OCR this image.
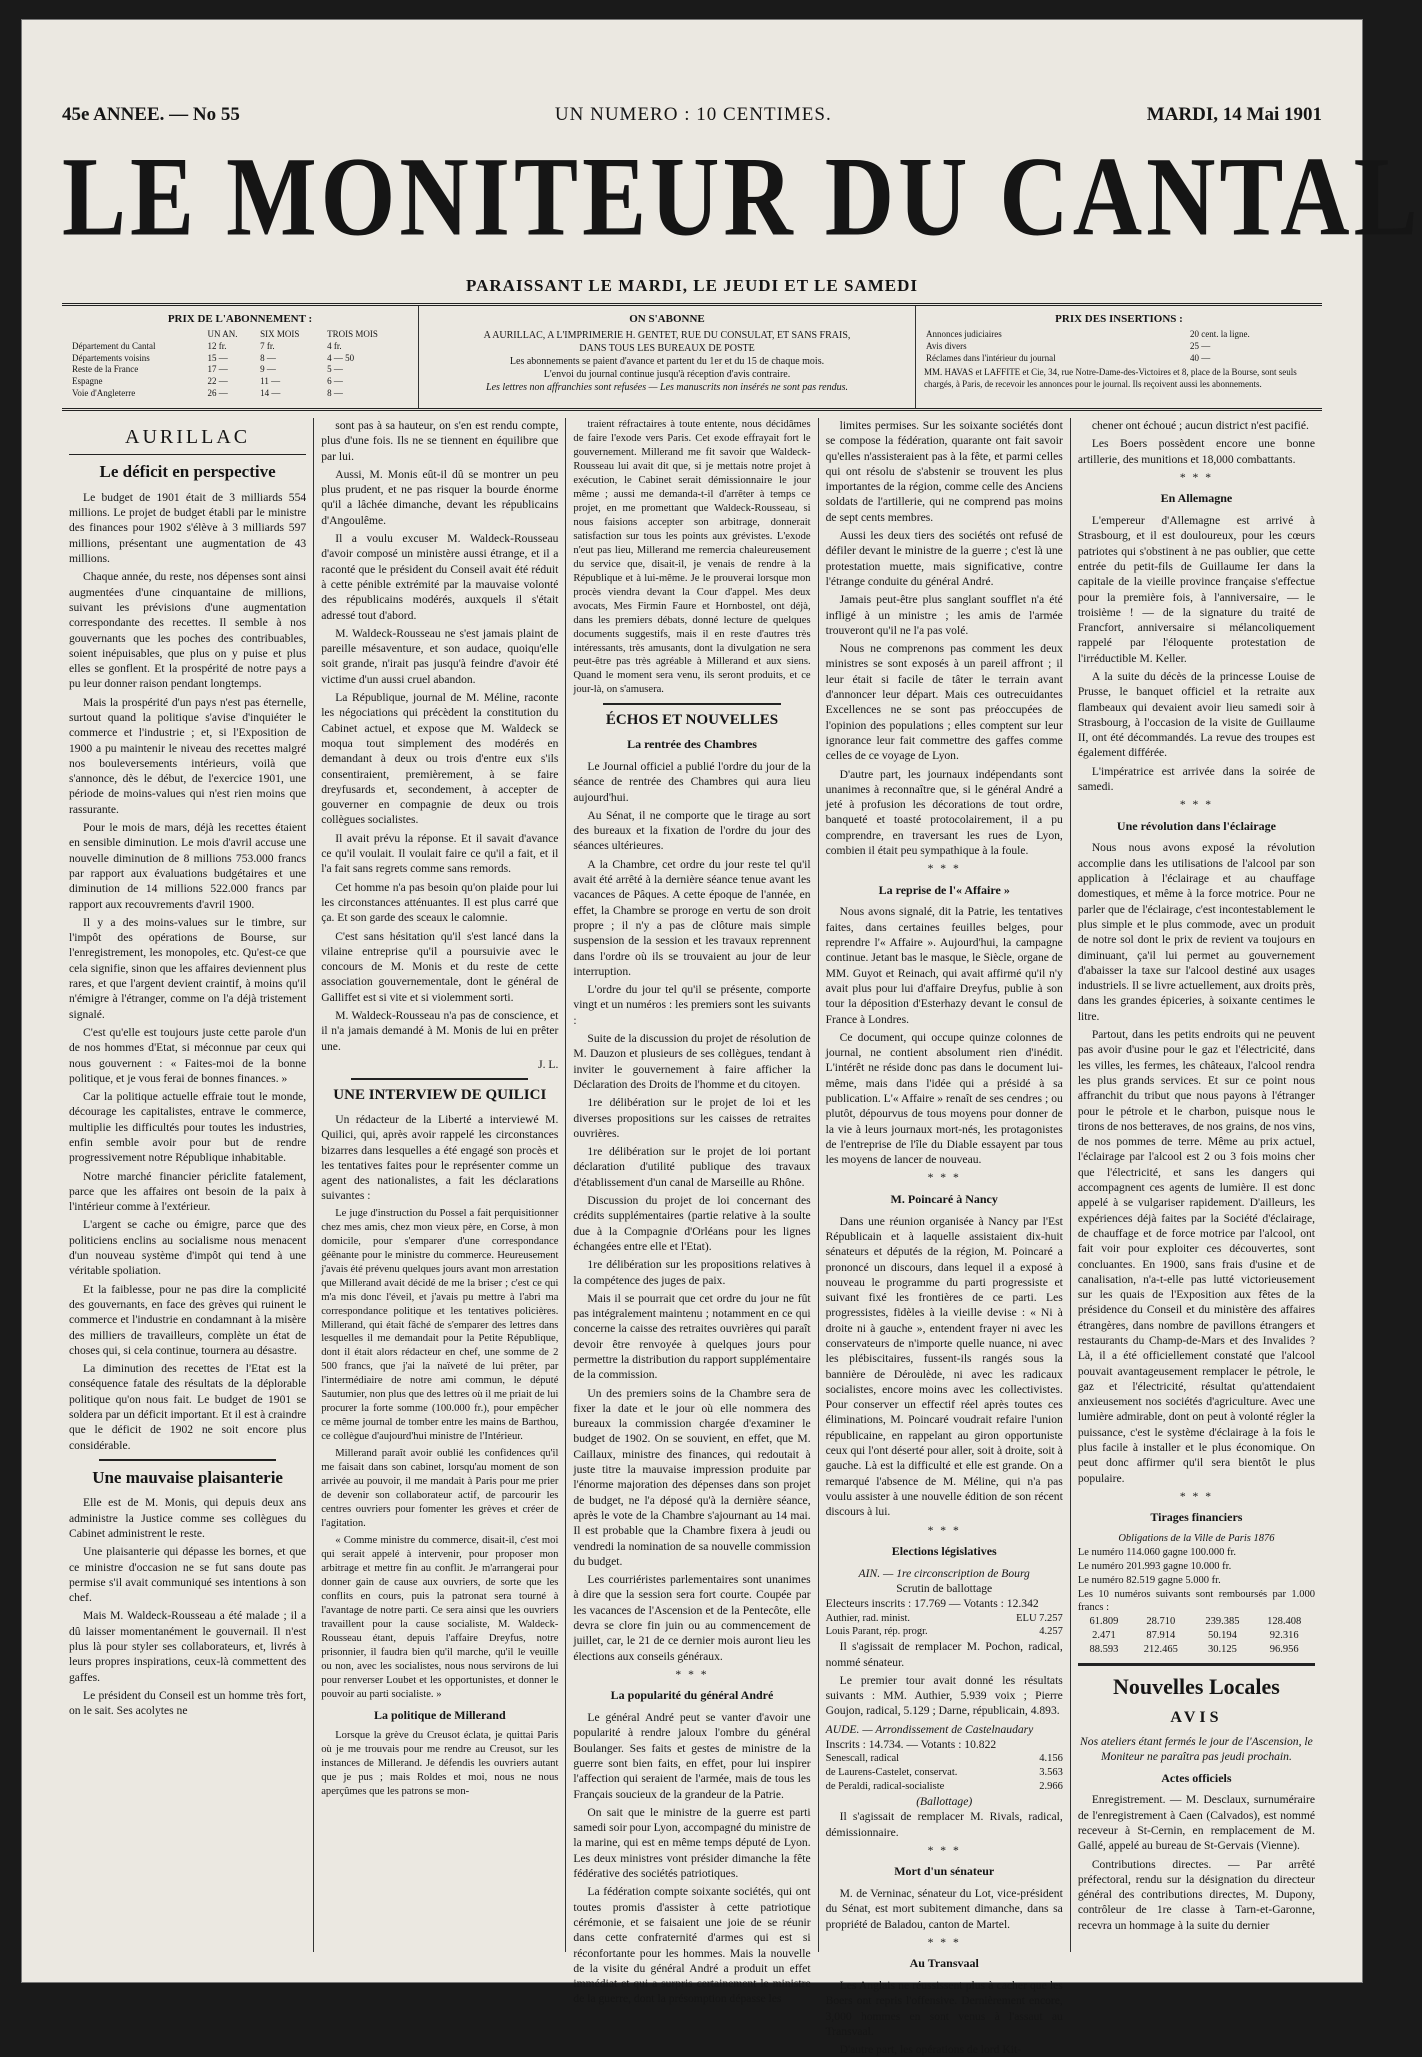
45e ANNEE. — No 55	UN NUMERO : 10 CENTIMES.	MARDI, 14 Mai 1901
LE MONITEUR DU CANTAL
PARAISSANT LE MARDI, LE JEUDI ET LE SAMEDI
PRIX DE L'ABONNEMENT :
	UN AN.	SIX MOIS	TROIS MOIS
Département du Cantal	12 fr.	7 fr.	4 fr.
Départements voisins	15 —	8 —	4 — 50
Reste de la France	17 —	9 —	5 —
Espagne	22 —	11 —	6 —
Voie d'Angleterre	26 —	14 —	8 —
ON S'ABONNE
A AURILLAC, A L'IMPRIMERIE H. GENTET, RUE DU CONSULAT, ET SANS FRAIS,
DANS TOUS LES BUREAUX DE POSTE
Les abonnements se paient d'avance et partent du 1er et du 15 de chaque mois.
L'envoi du journal continue jusqu'à réception d'avis contraire.
Les lettres non affranchies sont refusées — Les manuscrits non insérés ne sont pas rendus.
PRIX DES INSERTIONS :
Annonces judiciaires	20 cent. la ligne.
Avis divers	25 —
Réclames dans l'intérieur du journal	40 —
MM. HAVAS et LAFFITE et Cie, 34, rue Notre-Dame-des-Victoires et 8, place de la Bourse, sont seuls chargés, à Paris, de recevoir les annonces pour le journal. Ils reçoivent aussi les abonnements.
AURILLAC
Le déficit en perspective

Le budget de 1901 était de 3 milliards 554 millions. Le projet de budget établi par le ministre des finances pour 1902 s'élève à 3 milliards 597 millions, présentant une augmentation de 43 millions.

Chaque année, du reste, nos dépenses sont ainsi augmentées d'une cinquantaine de millions, suivant les prévisions d'une augmentation correspondante des recettes. Il semble à nos gouvernants que les poches des contribuables, soient inépuisables, que plus on y puise et plus elles se gonflent. Et la prospérité de notre pays a pu leur donner raison pendant longtemps.

Mais la prospérité d'un pays n'est pas éternelle, surtout quand la politique s'avise d'inquiéter le commerce et l'industrie ; et, si l'Exposition de 1900 a pu maintenir le niveau des recettes malgré nos bouleversements intérieurs, voilà que s'annonce, dès le début, de l'exercice 1901, une période de moins-values qui n'est rien moins que rassurante.

Pour le mois de mars, déjà les recettes étaient en sensible diminution. Le mois d'avril accuse une nouvelle diminution de 8 millions 753.000 francs par rapport aux évaluations budgétaires et une diminution de 14 millions 522.000 francs par rapport aux recouvrements d'avril 1900.

Il y a des moins-values sur le timbre, sur l'impôt des opérations de Bourse, sur l'enregistrement, les monopoles, etc. Qu'est-ce que cela signifie, sinon que les affaires deviennent plus rares, et que l'argent devient craintif, à moins qu'il n'émigre à l'étranger, comme on l'a déjà tristement signalé.

C'est qu'elle est toujours juste cette parole d'un de nos hommes d'Etat, si méconnue par ceux qui nous gouvernent : « Faites-moi de la bonne politique, et je vous ferai de bonnes finances. »

Car la politique actuelle effraie tout le monde, décourage les capitalistes, entrave le commerce, multiplie les difficultés pour toutes les industries, enfin semble avoir pour but de rendre progressivement notre République inhabitable.

Notre marché financier périclite fatalement, parce que les affaires ont besoin de la paix à l'intérieur comme à l'extérieur.

L'argent se cache ou émigre, parce que des politiciens enclins au socialisme nous menacent d'un nouveau système d'impôt qui tend à une véritable spoliation.

Et la faiblesse, pour ne pas dire la complicité des gouvernants, en face des grèves qui ruinent le commerce et l'industrie en condamnant à la misère des milliers de travailleurs, complète un état de choses qui, si cela continue, tournera au désastre.

La diminution des recettes de l'Etat est la conséquence fatale des résultats de la déplorable politique qu'on nous fait. Le budget de 1901 se soldera par un déficit important. Et il est à craindre que le déficit de 1902 ne soit encore plus considérable.

Une mauvaise plaisanterie

Elle est de M. Monis, qui depuis deux ans administre la Justice comme ses collègues du Cabinet administrent le reste.

Une plaisanterie qui dépasse les bornes, et que ce ministre d'occasion ne se fut sans doute pas permise s'il avait communiqué ses intentions à son chef.

Mais M. Waldeck-Rousseau a été malade ; il a dû laisser momentanément le gouvernail. Il n'est plus là pour styler ses collaborateurs, et, livrés à leurs propres inspirations, ceux-là commettent des gaffes.

Le président du Conseil est un homme très fort, on le sait. Ses acolytes ne

sont pas à sa hauteur, on s'en est rendu compte, plus d'une fois. Ils ne se tiennent en équilibre que par lui.

Aussi, M. Monis eût-il dû se montrer un peu plus prudent, et ne pas risquer la bourde énorme qu'il a lâchée dimanche, devant les républicains d'Angoulême.

Il a voulu excuser M. Waldeck-Rousseau d'avoir composé un ministère aussi étrange, et il a raconté que le président du Conseil avait été réduit à cette pénible extrémité par la mauvaise volonté des républicains modérés, auxquels il s'était adressé tout d'abord.

M. Waldeck-Rousseau ne s'est jamais plaint de pareille mésaventure, et son audace, quoiqu'elle soit grande, n'irait pas jusqu'à feindre d'avoir été victime d'un aussi cruel abandon.

La République, journal de M. Méline, raconte les négociations qui précèdent la constitution du Cabinet actuel, et expose que M. Waldeck se moqua tout simplement des modérés en demandant à deux ou trois d'entre eux s'ils consentiraient, premièrement, à se faire dreyfusards et, secondement, à accepter de gouverner en compagnie de deux ou trois collègues socialistes.

Il avait prévu la réponse. Et il savait d'avance ce qu'il voulait. Il voulait faire ce qu'il a fait, et il l'a fait sans regrets comme sans remords.

Cet homme n'a pas besoin qu'on plaide pour lui les circonstances atténuantes. Il est plus carré que ça. Et son garde des sceaux le calomnie.

C'est sans hésitation qu'il s'est lancé dans la vilaine entreprise qu'il a poursuivie avec le concours de M. Monis et du reste de cette association gouvernementale, dont le général de Galliffet est si vite et si violemment sorti.

M. Waldeck-Rousseau n'a pas de conscience, et il n'a jamais demandé à M. Monis de lui en prêter une.

J. L.
UNE INTERVIEW DE QUILICI

Un rédacteur de la Liberté a interviewé M. Quilici, qui, après avoir rappelé les circonstances bizarres dans lesquelles a été engagé son procès et les tentatives faites pour le représenter comme un agent des nationalistes, a fait les déclarations suivantes :

Le juge d'instruction du Possel a fait perquisitionner chez mes amis, chez mon vieux père, en Corse, à mon domicile, pour s'emparer d'une correspondance géênante pour le ministre du commerce. Heureusement j'avais été prévenu quelques jours avant mon arrestation que Millerand avait décidé de me la briser ; c'est ce qui m'a mis donc l'éveil, et j'avais pu mettre à l'abri ma correspondance politique et les tentatives policières. Millerand, qui était fâché de s'emparer des lettres dans lesquelles il me demandait pour la Petite République, dont il était alors rédacteur en chef, une somme de 2 500 francs, que j'ai la naïveté de lui prêter, par l'intermédiaire de notre ami commun, le député Sautumier, non plus que des lettres où il me priait de lui procurer la forte somme (100.000 fr.), pour empêcher ce même journal de tomber entre les mains de Barthou, ce collègue d'aujourd'hui ministre de l'Intérieur.

Millerand paraît avoir oublié les confidences qu'il me faisait dans son cabinet, lorsqu'au moment de son arrivée au pouvoir, il me mandait à Paris pour me prier de devenir son collaborateur actif, de parcourir les centres ouvriers pour fomenter les grèves et créer de l'agitation.

« Comme ministre du commerce, disait-il, c'est moi qui serait appelé à intervenir, pour proposer mon arbitrage et mettre fin au conflit. Je m'arrangerai pour donner gain de cause aux ouvriers, de sorte que les conflits en cours, puis la patronat sera tourné à l'avantage de notre parti. Ce sera ainsi que les ouvriers travaillent pour la cause socialiste, M. Waldeck-Rousseau étant, depuis l'affaire Dreyfus, notre prisonnier, il faudra bien qu'il marche, qu'il le veuille ou non, avec les socialistes, nous nous servirons de lui pour renverser Loubet et les opportunistes, et donner le pouvoir au parti socialiste. »

La politique de Millerand

Lorsque la grève du Creusot éclata, je quittai Paris où je me trouvais pour me rendre au Creusot, sur les instances de Millerand. Je défendis les ouvriers autant que je pus ; mais Roldes et moi, nous ne nous aperçûmes que les patrons se mon-

traient réfractaires à toute entente, nous décidâmes de faire l'exode vers Paris. Cet exode effrayait fort le gouvernement. Millerand me fit savoir que Waldeck-Rousseau lui avait dit que, si je mettais notre projet à exécution, le Cabinet serait démissionnaire le jour même ; aussi me demanda-t-il d'arrêter à temps ce projet, en me promettant que Waldeck-Rousseau, si nous faisions accepter son arbitrage, donnerait satisfaction sur tous les points aux grévistes. L'exode n'eut pas lieu, Millerand me remercia chaleureusement du service que, disait-il, je venais de rendre à la République et à lui-même. Je le prouverai lorsque mon procès viendra devant la Cour d'appel. Mes deux avocats, Mes Firmin Faure et Hornbostel, ont déjà, dans les premiers débats, donné lecture de quelques documents suggestifs, mais il en reste d'autres très intéressants, très amusants, dont la divulgation ne sera peut-être pas très agréable à Millerand et aux siens. Quand le moment sera venu, ils seront produits, et ce jour-là, on s'amusera.

ÉCHOS ET NOUVELLES
La rentrée des Chambres

Le Journal officiel a publié l'ordre du jour de la séance de rentrée des Chambres qui aura lieu aujourd'hui.

Au Sénat, il ne comporte que le tirage au sort des bureaux et la fixation de l'ordre du jour des séances ultérieures.

A la Chambre, cet ordre du jour reste tel qu'il avait été arrêté à la dernière séance tenue avant les vacances de Pâques. A cette époque de l'année, en effet, la Chambre se proroge en vertu de son droit propre ; il n'y a pas de clôture mais simple suspension de la session et les travaux reprennent dans l'ordre où ils se trouvaient au jour de leur interruption.

L'ordre du jour tel qu'il se présente, comporte vingt et un numéros : les premiers sont les suivants :

Suite de la discussion du projet de résolution de M. Dauzon et plusieurs de ses collègues, tendant à inviter le gouvernement à faire afficher la Déclaration des Droits de l'homme et du citoyen.

1re délibération sur le projet de loi et les diverses propositions sur les caisses de retraites ouvrières.

1re délibération sur le projet de loi portant déclaration d'utilité publique des travaux d'établissement d'un canal de Marseille au Rhône.

Discussion du projet de loi concernant des crédits supplémentaires (partie relative à la soulte due à la Compagnie d'Orléans pour les lignes échangées entre elle et l'Etat).

1re délibération sur les propositions relatives à la compétence des juges de paix.

Mais il se pourrait que cet ordre du jour ne fût pas intégralement maintenu ; notamment en ce qui concerne la caisse des retraites ouvrières qui paraît devoir être renvoyée à quelques jours pour permettre la distribution du rapport supplémentaire de la commission.

Un des premiers soins de la Chambre sera de fixer la date et le jour où elle nommera des bureaux la commission chargée d'examiner le budget de 1902. On se souvient, en effet, que M. Caillaux, ministre des finances, qui redoutait à juste titre la mauvaise impression produite par l'énorme majoration des dépenses dans son projet de budget, ne l'a déposé qu'à la dernière séance, après le vote de la Chambre s'ajournant au 14 mai. Il est probable que la Chambre fixera à jeudi ou vendredi la nomination de sa nouvelle commission du budget.

Les courriéristes parlementaires sont unanimes à dire que la session sera fort courte. Coupée par les vacances de l'Ascension et de la Pentecôte, elle devra se clore fin juin ou au commencement de juillet, car, le 21 de ce dernier mois auront lieu les élections aux conseils généraux.

* * *
La popularité du général André

Le général André peut se vanter d'avoir une popularité à rendre jaloux l'ombre du général Boulanger. Ses faits et gestes de ministre de la guerre sont bien faits, en effet, pour lui inspirer l'affection qui seraient de l'armée, mais de tous les Français soucieux de la grandeur de la Patrie.

On sait que le ministre de la guerre est parti samedi soir pour Lyon, accompagné du ministre de la marine, qui est en même temps député de Lyon. Les deux ministres vont présider dimanche la fête fédérative des sociétés patriotiques.

La fédération compte soixante sociétés, qui ont toutes promis d'assister à cette patriotique cérémonie, et se faisaient une joie de se réunir dans cette confraternité d'armes qui est si réconfortante pour les hommes. Mais la nouvelle de la visite du général André a produit un effet immédiat et qui a surpris certainement le ministre de la guerre, dont la présomption dépasse les

limites permises. Sur les soixante sociétés dont se compose la fédération, quarante ont fait savoir qu'elles n'assisteraient pas à la fête, et parmi celles qui ont résolu de s'abstenir se trouvent les plus importantes de la région, comme celle des Anciens soldats de l'artillerie, qui ne comprend pas moins de sept cents membres.

Aussi les deux tiers des sociétés ont refusé de défiler devant le ministre de la guerre ; c'est là une protestation muette, mais significative, contre l'étrange conduite du général André.

Jamais peut-être plus sanglant soufflet n'a été infligé à un ministre ; les amis de l'armée trouveront qu'il ne l'a pas volé.

Nous ne comprenons pas comment les deux ministres se sont exposés à un pareil affront ; il leur était si facile de tâter le terrain avant d'annoncer leur départ. Mais ces outrecuidantes Excellences ne se sont pas préoccupées de l'opinion des populations ; elles comptent sur leur ignorance leur fait commettre des gaffes comme celles de ce voyage de Lyon.

D'autre part, les journaux indépendants sont unanimes à reconnaître que, si le général André a jeté à profusion les décorations de tout ordre, banqueté et toasté protocolairement, il a pu comprendre, en traversant les rues de Lyon, combien il était peu sympathique à la foule.

* * *
La reprise de l'« Affaire »

Nous avons signalé, dit la Patrie, les tentatives faites, dans certaines feuilles belges, pour reprendre l'« Affaire ». Aujourd'hui, la campagne continue. Jetant bas le masque, le Siècle, organe de MM. Guyot et Reinach, qui avait affirmé qu'il n'y avait plus pour lui d'affaire Dreyfus, publie à son tour la déposition d'Esterhazy devant le consul de France à Londres.

Ce document, qui occupe quinze colonnes de journal, ne contient absolument rien d'inédit. L'intérêt ne réside donc pas dans le document lui-même, mais dans l'idée qui a présidé à sa publication. L'« Affaire » renaît de ses cendres ; ou plutôt, dépourvus de tous moyens pour donner de la vie à leurs journaux mort-nés, les protagonistes de l'entreprise de l'île du Diable essayent par tous les moyens de lancer de nouveau.

* * *
M. Poincaré à Nancy

Dans une réunion organisée à Nancy par l'Est Républicain et à laquelle assistaient dix-huit sénateurs et députés de la région, M. Poincaré a prononcé un discours, dans lequel il a exposé à nouveau le programme du parti progressiste et suivant fixé les frontières de ce parti. Les progressistes, fidèles à la vieille devise : « Ni à droite ni à gauche », entendent frayer ni avec les conservateurs de n'importe quelle nuance, ni avec les plébiscitaires, fussent-ils rangés sous la bannière de Déroulède, ni avec les radicaux socialistes, encore moins avec les collectivistes. Pour conserver un effectif réel après toutes ces éliminations, M. Poincaré voudrait refaire l'union républicaine, en rappelant au giron opportuniste ceux qui l'ont déserté pour aller, soit à droite, soit à gauche. Là est la difficulté et elle est grande. On a remarqué l'absence de M. Méline, qui n'a pas voulu assister à une nouvelle édition de son récent discours à lui.

* * *
Elections législatives
AIN. — 1re circonscription de Bourg
Scrutin de ballottage
Electeurs inscrits : 17.769 — Votants : 12.342
Authier, rad. minist.	ELU 7.257
Louis Parant, rép. progr.	4.257

Il s'agissait de remplacer M. Pochon, radical, nommé sénateur.

Le premier tour avait donné les résultats suivants : MM. Authier, 5.939 voix ; Pierre Goujon, radical, 5.129 ; Darne, républicain, 4.893.

AUDE. — Arrondissement de Castelnaudary
Inscrits : 14.734. — Votants : 10.822
Senescall, radical	4.156
de Laurens-Castelet, conservat.	3.563
de Peraldi, radical-socialiste	2.966
(Ballottage)

Il s'agissait de remplacer M. Rivals, radical, démissionnaire.

* * *
Mort d'un sénateur

M. de Verninac, sénateur du Lot, vice-président du Sénat, est mort subitement dimanche, dans sa propriété de Baladou, canton de Martel.

* * *
Au Transvaal

Les Anglais ne réussissent plus à cacher que les Boers ont repris l'offensive. Dernièrement encore, 3,000 hommes en sont venus à l'assaut au Transvaal.

D'autre part, les opérations de lord Kit-

chener ont échoué ; aucun district n'est pacifié.

Les Boers possèdent encore une bonne artillerie, des munitions et 18,000 combattants.

* * *
En Allemagne

L'empereur d'Allemagne est arrivé à Strasbourg, et il est douloureux, pour les cœurs patriotes qui s'obstinent à ne pas oublier, que cette entrée du petit-fils de Guillaume Ier dans la capitale de la vieille province française s'effectue pour la première fois, à l'anniversaire, — le troisième ! — de la signature du traité de Francfort, anniversaire si mélancoliquement rappelé par l'éloquente protestation de l'irréductible M. Keller.

A la suite du décès de la princesse Louise de Prusse, le banquet officiel et la retraite aux flambeaux qui devaient avoir lieu samedi soir à Strasbourg, à l'occasion de la visite de Guillaume II, ont été décommandés. La revue des troupes est également différée.

L'impératrice est arrivée dans la soirée de samedi.

* * *
Une révolution dans l'éclairage

Nous nous avons exposé la révolution accomplie dans les utilisations de l'alcool par son application à l'éclairage et au chauffage domestiques, et même à la force motrice. Pour ne parler que de l'éclairage, c'est incontestablement le plus simple et le plus commode, avec un produit de notre sol dont le prix de revient va toujours en diminuant, ça'il lui permet au gouvernement d'abaisser la taxe sur l'alcool destiné aux usages industriels. Il se livre actuellement, aux droits près, dans les grandes épiceries, à soixante centimes le litre.

Partout, dans les petits endroits qui ne peuvent pas avoir d'usine pour le gaz et l'électricité, dans les villes, les fermes, les châteaux, l'alcool rendra les plus grands services. Et sur ce point nous affranchit du tribut que nous payons à l'étranger pour le pétrole et le charbon, puisque nous le tirons de nos betteraves, de nos grains, de nos vins, de nos pommes de terre. Même au prix actuel, l'éclairage par l'alcool est 2 ou 3 fois moins cher que l'électricité, et sans les dangers qui accompagnent ces agents de lumière. Il est donc appelé à se vulgariser rapidement. D'ailleurs, les expériences déjà faites par la Société d'éclairage, de chauffage et de force motrice par l'alcool, ont fait voir pour exploiter ces découvertes, sont concluantes. En 1900, sans frais d'usine et de canalisation, n'a-t-elle pas lutté victorieusement sur les quais de l'Exposition aux fêtes de la présidence du Conseil et du ministère des affaires étrangères, dans nombre de pavillons étrangers et restaurants du Champ-de-Mars et des Invalides ? Là, il a été officiellement constaté que l'alcool pouvait avantageusement remplacer le pétrole, le gaz et l'électricité, résultat qu'attendaient anxieusement nos sociétés d'agriculture. Avec une lumière admirable, dont on peut à volonté régler la puissance, c'est le système d'éclairage à la fois le plus facile à installer et le plus économique. On peut donc affirmer qu'il sera bientôt le plus populaire.

* * *
Tirages financiers
Obligations de la Ville de Paris 1876
Le numéro 114.060 gagne 100.000 fr.
Le numéro 201.993 gagne 10.000 fr.
Le numéro 82.519 gagne 5.000 fr.
Les 10 numéros suivants sont remboursés par 1.000 francs :
61.809	28.710	239.385	128.408
2.471	87.914	50.194	92.316
88.593	212.465	30.125	96.956
Nouvelles Locales
AVIS
Nos ateliers étant fermés le jour de l'Ascension, le Moniteur ne paraîtra pas jeudi prochain.
Actes officiels

Enregistrement. — M. Desclaux, surnuméraire de l'enregistrement à Caen (Calvados), est nommé receveur à St-Cernin, en remplacement de M. Gallé, appelé au bureau de St-Gervais (Vienne).

Contributions directes. — Par arrêté préfectoral, rendu sur la désignation du directeur général des contributions directes, M. Dupony, contrôleur de 1re classe à Tarn-et-Garonne, recevra un hommage à la suite du dernier
